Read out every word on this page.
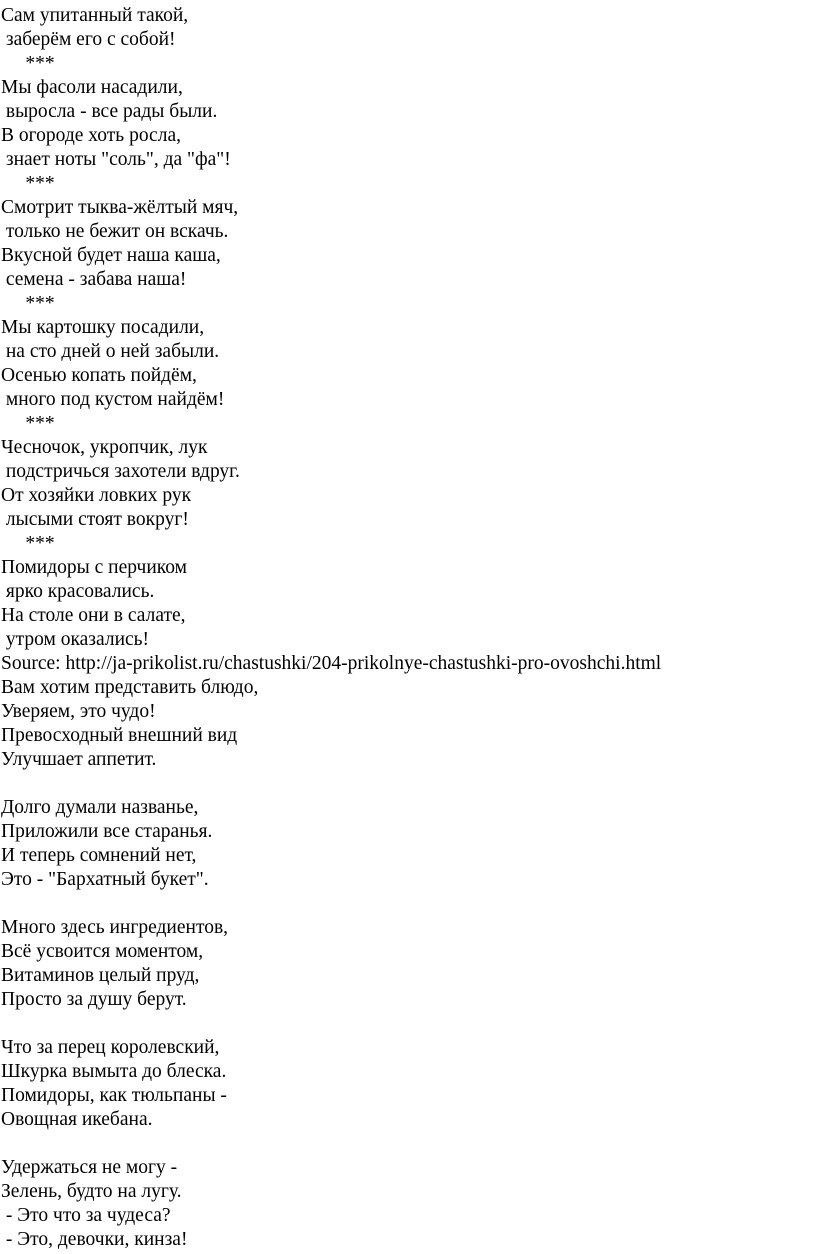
Сам упитанный такой,
заберём его с собой!
***
Мы фасоли насадили,
выросла - все рады были.
В огороде хоть росла,
знает ноты "соль", да "фа"!
***
Смотрит тыква-жёлтый мяч,
только не бежит он вскачь.
Вкусной будет наша каша,
семена - забава наша!
***
Мы картошку посадили,
на сто дней о ней забыли.
Осенью копать пойдём,
много под кустом найдём!
***
Чесночок, укропчик, лук
подстричься захотели вдруг.
От хозяйки ловких рук
лысыми стоят вокруг!
***
Помидоры с перчиком
ярко красовались.
На столе они в салате,
утром оказались!
Source: http://ja-prikolist.ru/chastushki/204-prikolnye-chastushki-pro-ovoshchi.html
Вам хотим представить блюдо,
Уверяем, это чудо!
Превосходный внешний вид
Улучшает аппетит.
Долго думали названье,
Приложили все старанья.
И теперь сомнений нет,
Это - "Бархатный букет".
Много здесь ингредиентов,
Всё усвоится моментом,
Витаминов целый пруд,
Просто за душу берут.
Что за перец королевский,
Шкурка вымыта до блеска.
Помидоры, как тюльпаны -
Овощная икебана.
Удержаться не могу -
Зелень, будто на лугу.
- Это что за чудеса?
- Это, девочки, кинза!
